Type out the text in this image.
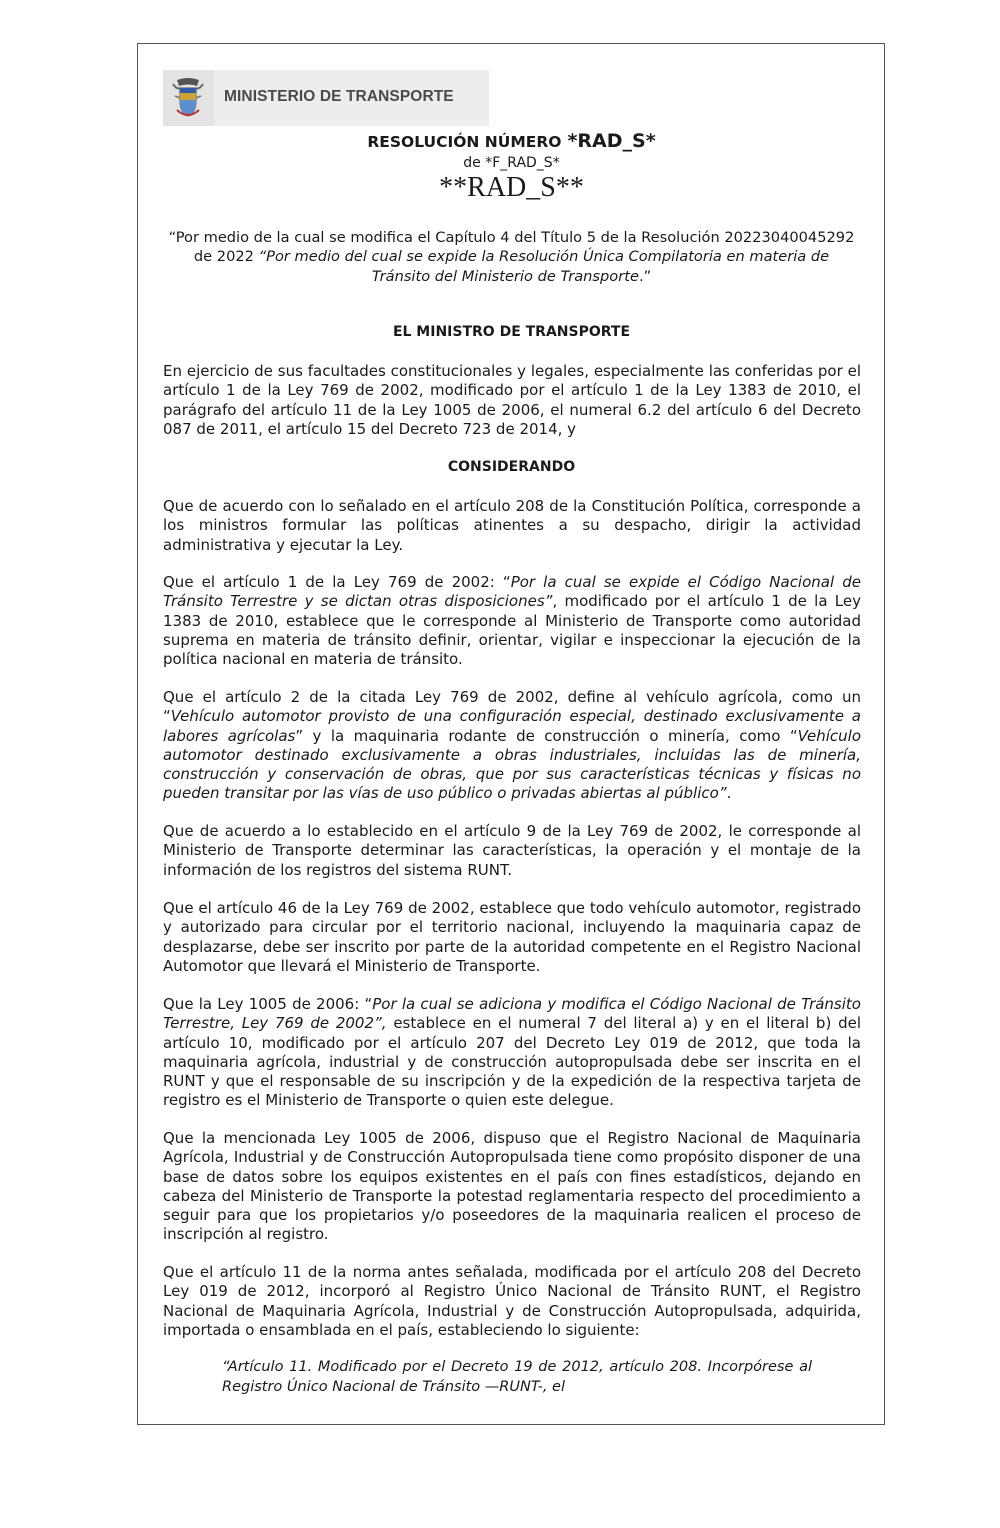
MINISTERIO DE TRANSPORTE
RESOLUCIÓN NÚMERO *RAD_S*
de *F_RAD_S*
**RAD_S**
“Por medio de la cual se modifica el Capítulo 4 del Título 5 de la Resolución 20223040045292 de 2022 “Por medio del cual se expide la Resolución Única Compilatoria en materia de Tránsito del Ministerio de Transporte.”
EL MINISTRO DE TRANSPORTE

En ejercicio de sus facultades constitucionales y legales, especialmente las conferidas por el artículo 1 de la Ley 769 de 2002, modificado por el artículo 1 de la Ley 1383 de 2010, el parágrafo del artículo 11 de la Ley 1005 de 2006, el numeral 6.2 del artículo 6 del Decreto 087 de 2011, el artículo 15 del Decreto 723 de 2014, y

CONSIDERANDO

Que de acuerdo con lo señalado en el artículo 208 de la Constitución Política, corresponde a los ministros formular las políticas atinentes a su despacho, dirigir la actividad administrativa y ejecutar la Ley.

Que el artículo 1 de la Ley 769 de 2002: “Por la cual se expide el Código Nacional de Tránsito Terrestre y se dictan otras disposiciones”, modificado por el artículo 1 de la Ley 1383 de 2010, establece que le corresponde al Ministerio de Transporte como autoridad suprema en materia de tránsito definir, orientar, vigilar e inspeccionar la ejecución de la política nacional en materia de tránsito.

Que el artículo 2 de la citada Ley 769 de 2002, define al vehículo agrícola, como un “Vehículo automotor provisto de una configuración especial, destinado exclusivamente a labores agrícolas” y la maquinaria rodante de construcción o minería, como “Vehículo automotor destinado exclusivamente a obras industriales, incluidas las de minería, construcción y conservación de obras, que por sus características técnicas y físicas no pueden transitar por las vías de uso público o privadas abiertas al público”.

Que de acuerdo a lo establecido en el artículo 9 de la Ley 769 de 2002, le corresponde al Ministerio de Transporte determinar las características, la operación y el montaje de la información de los registros del sistema RUNT.

Que el artículo 46 de la Ley 769 de 2002, establece que todo vehículo automotor, registrado y autorizado para circular por el territorio nacional, incluyendo la maquinaria capaz de desplazarse, debe ser inscrito por parte de la autoridad competente en el Registro Nacional Automotor que llevará el Ministerio de Transporte.

Que la Ley 1005 de 2006: “Por la cual se adiciona y modifica el Código Nacional de Tránsito Terrestre, Ley 769 de 2002”, establece en el numeral 7 del literal a) y en el literal b) del artículo 10, modificado por el artículo 207 del Decreto Ley 019 de 2012, que toda la maquinaria agrícola, industrial y de construcción autopropulsada debe ser inscrita en el RUNT y que el responsable de su inscripción y de la expedición de la respectiva tarjeta de registro es el Ministerio de Transporte o quien este delegue.

Que la mencionada Ley 1005 de 2006, dispuso que el Registro Nacional de Maquinaria Agrícola, Industrial y de Construcción Autopropulsada tiene como propósito disponer de una base de datos sobre los equipos existentes en el país con fines estadísticos, dejando en cabeza del Ministerio de Transporte la potestad reglamentaria respecto del procedimiento a seguir para que los propietarios y/o poseedores de la maquinaria realicen el proceso de inscripción al registro.

Que el artículo 11 de la norma antes señalada, modificada por el artículo 208 del Decreto Ley 019 de 2012, incorporó al Registro Único Nacional de Tránsito RUNT, el Registro Nacional de Maquinaria Agrícola, Industrial y de Construcción Autopropulsada, adquirida, importada o ensamblada en el país, estableciendo lo siguiente:

“Artículo 11. Modificado por el Decreto 19 de 2012, artículo 208. Incorpórese al Registro Único Nacional de Tránsito —RUNT-, el
